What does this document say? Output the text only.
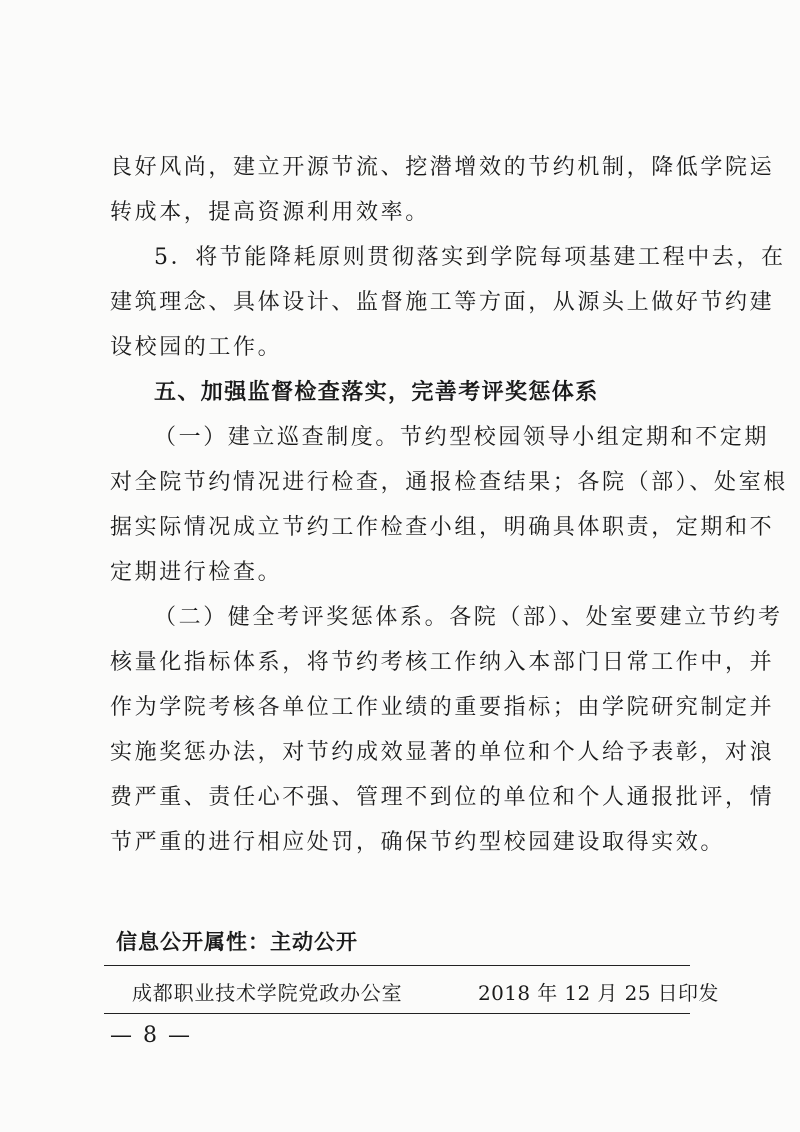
良好风尚，建立开源节流、挖潜增效的节约机制，降低学院运
转成本，提高资源利用效率。
5．将节能降耗原则贯彻落实到学院每项基建工程中去，在
建筑理念、具体设计、监督施工等方面，从源头上做好节约建
设校园的工作。
五、加强监督检查落实，完善考评奖惩体系
（一）建立巡查制度。节约型校园领导小组定期和不定期
对全院节约情况进行检查，通报检查结果；各院（部）、处室根
据实际情况成立节约工作检查小组，明确具体职责，定期和不
定期进行检查。
（二）健全考评奖惩体系。各院（部）、处室要建立节约考
核量化指标体系，将节约考核工作纳入本部门日常工作中，并
作为学院考核各单位工作业绩的重要指标；由学院研究制定并
实施奖惩办法，对节约成效显著的单位和个人给予表彰，对浪
费严重、责任心不强、管理不到位的单位和个人通报批评，情
节严重的进行相应处罚，确保节约型校园建设取得实效。
信息公开属性：主动公开
成都职业技术学院党政办公室	2018 年 12 月 25 日印发
— 8 —
